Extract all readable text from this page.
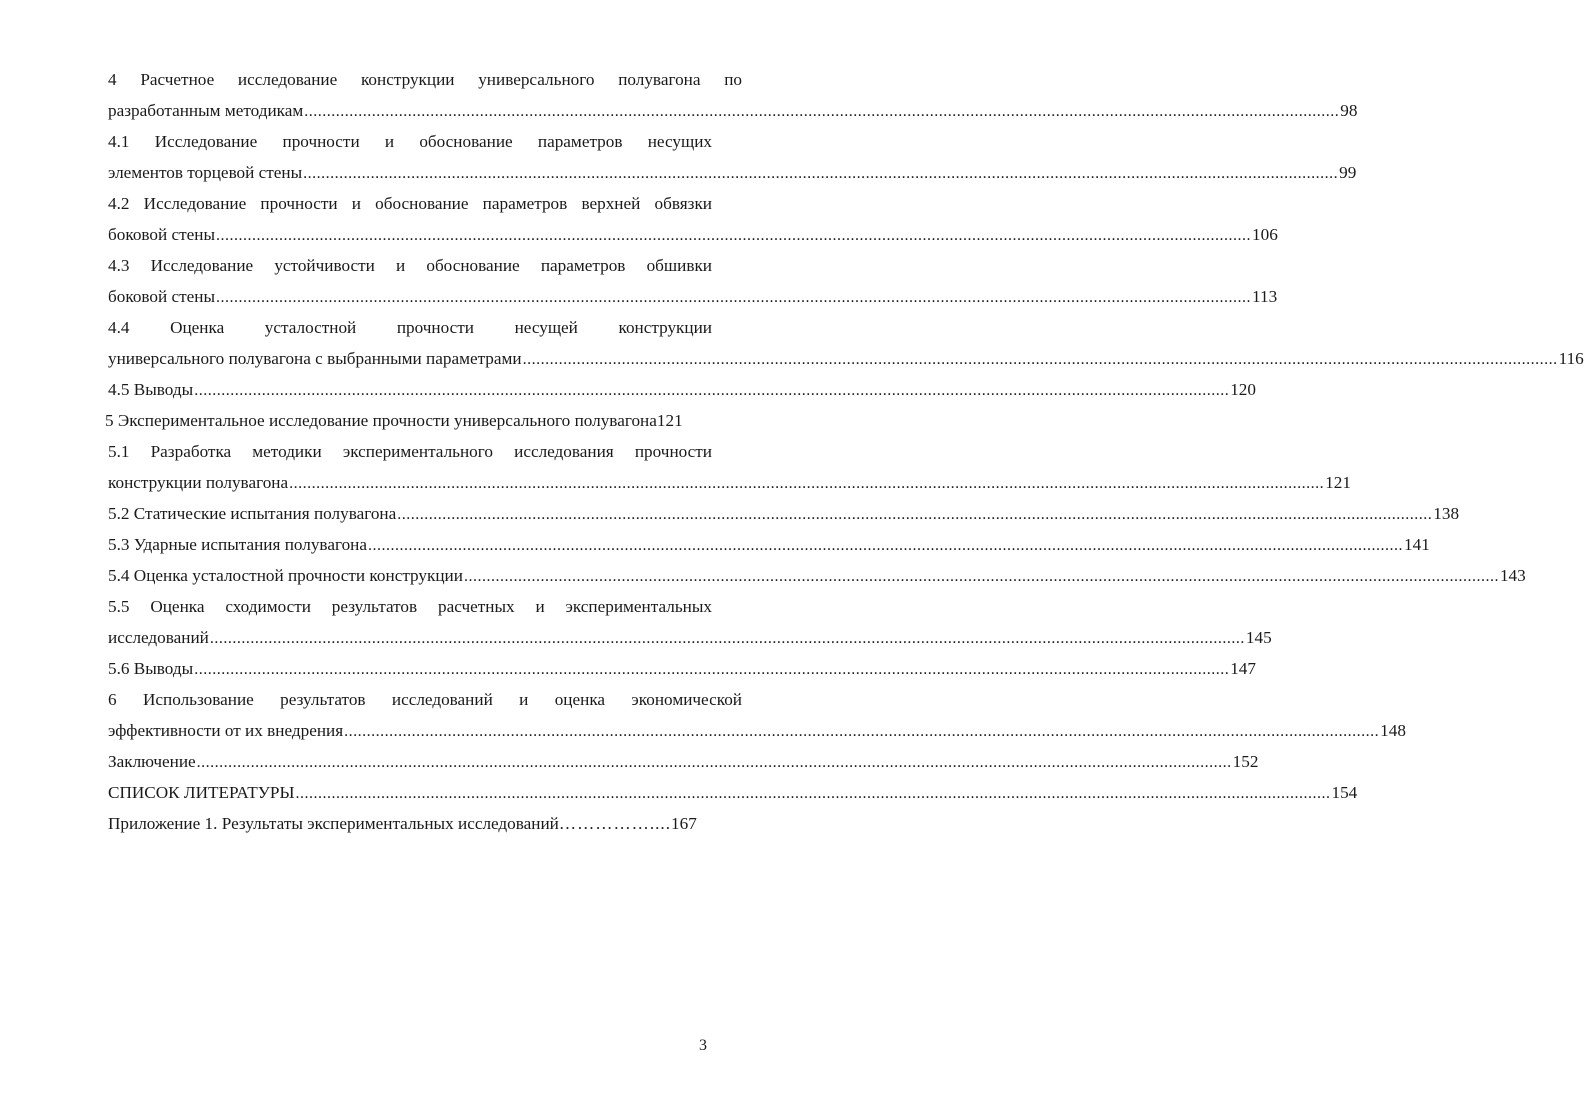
4 Расчетное исследование конструкции универсального полувагона по
разработанным методикам .....	98
4.1 Исследование прочности и обоснование параметров несущих
элементов торцевой стены .....	99
4.2 Исследование прочности и обоснование параметров верхней обвязки
боковой стены .....	106
4.3 Исследование устойчивости и обоснование параметров обшивки
боковой стены .....	113
4.4 Оценка усталостной прочности несущей конструкции
универсального полувагона с выбранными параметрами .....	116
4.5 Выводы .....	120
5 Экспериментальное исследование прочности универсального полувагона 121
5.1 Разработка методики экспериментального исследования прочности
конструкции полувагона .....	121
5.2 Статические испытания полувагона .....	138
5.3 Ударные испытания полувагона .....	141
5.4 Оценка усталостной прочности конструкции .....	143
5.5 Оценка сходимости результатов расчетных и экспериментальных
исследований .....	145
5.6 Выводы .....	147
6 Использование результатов исследований и оценка экономической
эффективности от их внедрения .....	148
Заключение .....	152
СПИСОК ЛИТЕРАТУРЫ .....	154
Приложение 1. Результаты экспериментальных исследований …………….... 167
3
